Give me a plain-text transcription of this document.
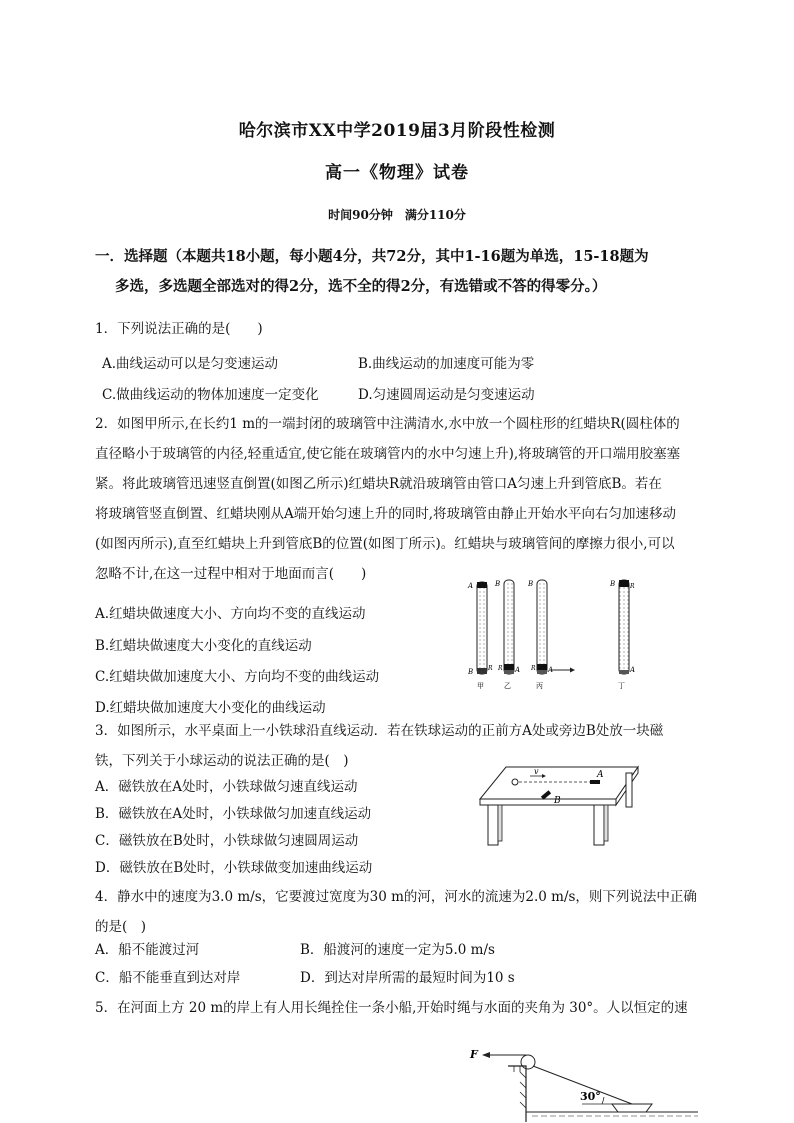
哈尔滨市XX中学2019届3月阶段性检测
高一《物理》试卷
时间90分钟　满分110分
一．选择题（本题共18小题，每小题4分，共72分，其中1-16题为单选，15-18题为
多选，多选题全部选对的得2分，选不全的得2分，有选错或不答的得零分。）
1．下列说法正确的是(　　)
A.曲线运动可以是匀变速运动	B.曲线运动的加速度可能为零
C.做曲线运动的物体加速度一定变化	D.匀速圆周运动是匀变速运动
2．如图甲所示,在长约1 m的一端封闭的玻璃管中注满清水,水中放一个圆柱形的红蜡块R(圆柱体的
直径略小于玻璃管的内径,轻重适宜,使它能在玻璃管内的水中匀速上升),将玻璃管的开口端用胶塞塞
紧。将此玻璃管迅速竖直倒置(如图乙所示)红蜡块R就沿玻璃管由管口A匀速上升到管底B。若在
将玻璃管竖直倒置、红蜡块刚从A端开始匀速上升的同时,将玻璃管由静止开始水平向右匀加速移动
(如图丙所示),直至红蜡块上升到管底B的位置(如图丁所示)。红蜡块与玻璃管间的摩擦力很小,可以
忽略不计,在这一过程中相对于地面而言(　　)
A.红蜡块做速度大小、方向均不变的直线运动
B.红蜡块做速度大小变化的直线运动
C.红蜡块做加速度大小、方向均不变的曲线运动
D.红蜡块做加速度大小变化的曲线运动
A
B R
甲
B
R A
乙
B
R A
丙
B R
A
丁
3．如图所示，水平桌面上一小铁球沿直线运动．若在铁球运动的正前方A处或旁边B处放一块磁
铁，下列关于小球运动的说法正确的是(　)
A．磁铁放在A处时，小铁球做匀速直线运动
B．磁铁放在A处时，小铁球做匀加速直线运动
C．磁铁放在B处时，小铁球做匀速圆周运动
D．磁铁放在B处时，小铁球做变加速曲线运动
v	A
B
4．静水中的速度为3.0 m/s，它要渡过宽度为30 m的河，河水的流速为2.0 m/s，则下列说法中正确
的是(　)
A．船不能渡过河	B．船渡河的速度一定为5.0 m/s
C．船不能垂直到达对岸	D．到达对岸所需的最短时间为10 s
5．在河面上方 20 m的岸上有人用长绳拴住一条小船,开始时绳与水面的夹角为 30°。人以恒定的速
F
30°
